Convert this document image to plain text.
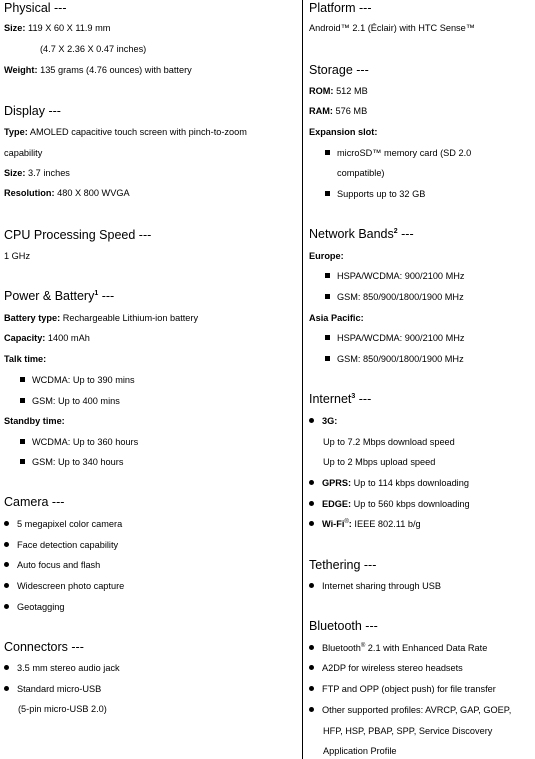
Physical ---
Size: 119 X 60 X 11.9 mm
(4.7 X 2.36 X 0.47 inches)
Weight: 135 grams (4.76 ounces) with battery
Display ---
Type: AMOLED capacitive touch screen with pinch-to-zoom
capability
Size: 3.7 inches
Resolution: 480 X 800 WVGA
CPU Processing Speed ---
1 GHz
Power & Battery$^1$ ---
Battery type: Rechargeable Lithium-ion battery
Capacity: 1400 mAh
Talk time:
WCDMA: Up to 390 mins
GSM: Up to 400 mins
Standby time:
WCDMA: Up to 360 hours
GSM: Up to 340 hours
Camera ---
5 megapixel color camera
Face detection capability
Auto focus and flash
Widescreen photo capture
Geotagging
Connectors ---
3.5 mm stereo audio jack
Standard micro-USB
(5-pin micro-USB 2.0)
Platform ---
Android™ 2.1 (Éclair) with HTC Sense™
Storage ---
ROM: 512 MB
RAM: 576 MB
Expansion slot:
microSD™ memory card (SD 2.0
compatible)
Supports up to 32 GB
Network Bands$^2$ ---
Europe:
HSPA/WCDMA: 900/2100 MHz
GSM: 850/900/1800/1900 MHz
Asia Pacific:
HSPA/WCDMA: 900/2100 MHz
GSM: 850/900/1800/1900 MHz
Internet$^3$ ---
3G:
Up to 7.2 Mbps download speed
Up to 2 Mbps upload speed
GPRS: Up to 114 kbps downloading
EDGE: Up to 560 kbps downloading
Wi-Fi®: IEEE 802.11 b/g
Tethering ---
Internet sharing through USB
Bluetooth ---
Bluetooth® 2.1 with Enhanced Data Rate
A2DP for wireless stereo headsets
FTP and OPP (object push) for file transfer
Other supported profiles: AVRCP, GAP, GOEP,
HFP, HSP, PBAP, SPP, Service Discovery
Application Profile
